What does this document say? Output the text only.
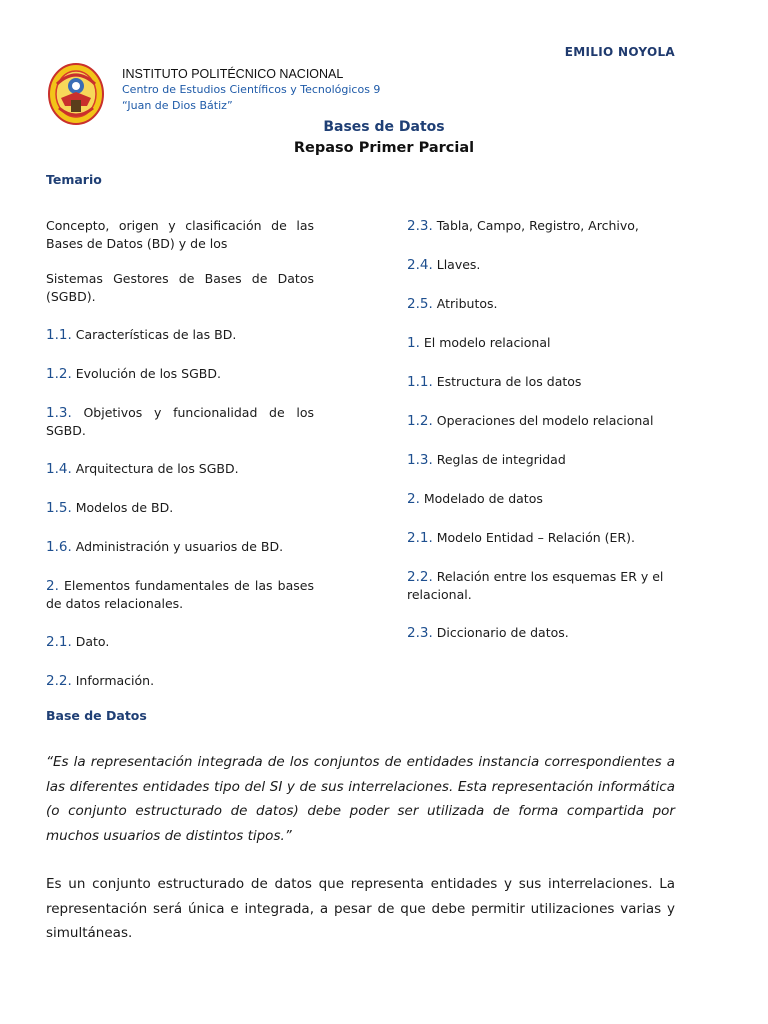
EMILIO NOYOLA
INSTITUTO POLITÉCNICO NACIONAL
Centro de Estudios Científicos y Tecnológicos 9
“Juan de Dios Bátiz”
Bases de Datos
Repaso Primer Parcial
Temario
Concepto, origen y clasificación de las Bases de Datos (BD) y de los
Sistemas Gestores de Bases de Datos (SGBD).
1.1. Características de las BD.
1.2. Evolución de los SGBD.
1.3. Objetivos y funcionalidad de los SGBD.
1.4. Arquitectura de los SGBD.
1.5. Modelos de BD.
1.6. Administración y usuarios de BD.
2. Elementos fundamentales de las bases de datos relacionales.
2.1. Dato.
2.2. Información.
2.3. Tabla, Campo, Registro, Archivo,
2.4. Llaves.
2.5. Atributos.
1. El modelo relacional
1.1. Estructura de los datos
1.2. Operaciones del modelo relacional
1.3. Reglas de integridad
2. Modelado de datos
2.1. Modelo Entidad – Relación (ER).
2.2. Relación entre los esquemas ER y el relacional.
2.3. Diccionario de datos.
Base de Datos
“Es la representación integrada de los conjuntos de entidades instancia correspondientes a las diferentes entidades tipo del SI y de sus interrelaciones. Esta representación informática (o conjunto estructurado de datos) debe poder ser utilizada de forma compartida por muchos usuarios de distintos tipos.”
Es un conjunto estructurado de datos que representa entidades y sus interrelaciones. La representación será única e integrada, a pesar de que debe permitir utilizaciones varias y simultáneas.
